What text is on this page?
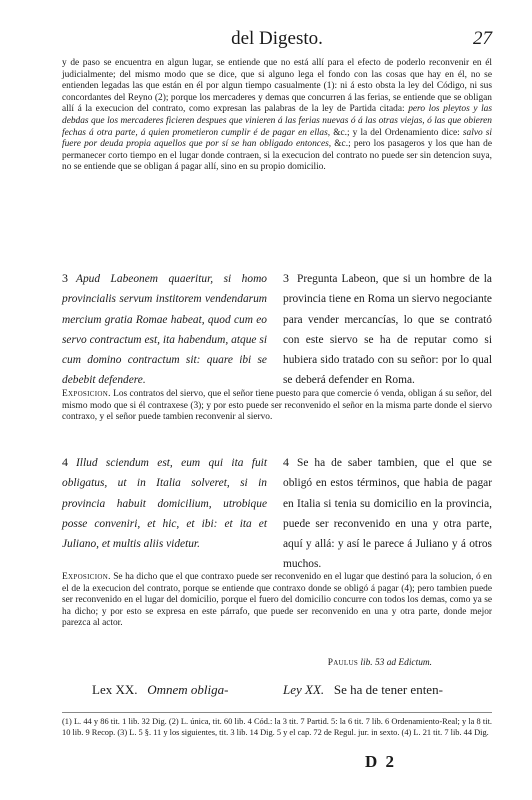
del Digesto.	27

y de paso se encuentra en algun lugar, se entiende que no está allí para el efecto de poderlo reconvenir en él judicialmente; del mismo modo que se dice, que si alguno lega el fondo con las cosas que hay en él, no se entienden legadas las que están en él por algun tiempo casualmente (1): ni á esto obsta la ley del Código, ni sus concordantes del Reyno (2); porque los mercaderes y demas que concurren á las ferias, se entiende que se obligan allí á la execucion del contrato, como expresan las palabras de la ley de Partida citada: pero los pleytos y las debdas que los mercaderes ficieren despues que vinieren á las ferias nuevas ó á las otras viejas, ó las que obieren fechas á otra parte, á quien prometieron cumplir é de pagar en ellas, &c.; y la del Ordenamiento dice: salvo si fuere por deuda propia aquellos que por sí se han obligado entonces, &c.; pero los pasageros y los que han de permanecer corto tiempo en el lugar donde contraen, si la execucion del contrato no puede ser sin detencion suya, no se entiende que se obligan á pagar allí, sino en su propio domicilio.

3 Apud Labeonem quaeritur, si homo provincialis servum institorem vendendarum mercium gratia Romae habeat, quod cum eo servo contractum est, ita habendum, atque si cum domino contractum sit: quare ibi se debebit defendere.

3 Pregunta Labeon, que si un hombre de la provincia tiene en Roma un siervo negociante para vender mercancías, lo que se contrató con este siervo se ha de reputar como si hubiera sido tratado con su señor: por lo qual se deberá defender en Roma.

Exposicion. Los contratos del siervo, que el señor tiene puesto para que comercie ó venda, obligan á su señor, del mismo modo que si él contraxese (3); y por esto puede ser reconvenido el señor en la misma parte donde el siervo contraxo, y el señor puede tambien reconvenir al siervo.

4 Illud sciendum est, eum qui ita fuit obligatus, ut in Italia solveret, si in provincia habuit domicilium, utrobique posse conveniri, et hic, et ibi: et ita et Juliano, et multis aliis videtur.

4 Se ha de saber tambien, que el que se obligó en estos términos, que habia de pagar en Italia si tenia su domicilio en la provincia, puede ser reconvenido en una y otra parte, aquí y allá: y así le parece á Juliano y á otros muchos.

Exposicion. Se ha dicho que el que contraxo puede ser reconvenido en el lugar que destinó para la solucion, ó en el de la execucion del contrato, porque se entiende que contraxo donde se obligó á pagar (4); pero tambien puede ser reconvenido en el lugar del domicilio, porque el fuero del domicilio concurre con todos los demas, como ya se ha dicho; y por esto se expresa en este párrafo, que puede ser reconvenido en una y otra parte, donde mejor parezca al actor.

Paulus lib. 53 ad Edictum.
Lex XX. Omnem obliga-	Ley XX. Se ha de tener enten-

(1) L. 44 y 86 tit. 1 lib. 32 Dig. (2) L. única, tit. 60 lib. 4 Cód.: la 3 tit. 7 Partid. 5: la 6 tit. 7 lib. 6 Ordenamiento-Real; y la 8 tit. 10 lib. 9 Recop. (3) L. 5 §. 11 y los siguientes, tit. 3 lib. 14 Dig. 5 y el cap. 72 de Regul. jur. in sexto. (4) L. 21 tit. 7 lib. 44 Dig.

D 2
